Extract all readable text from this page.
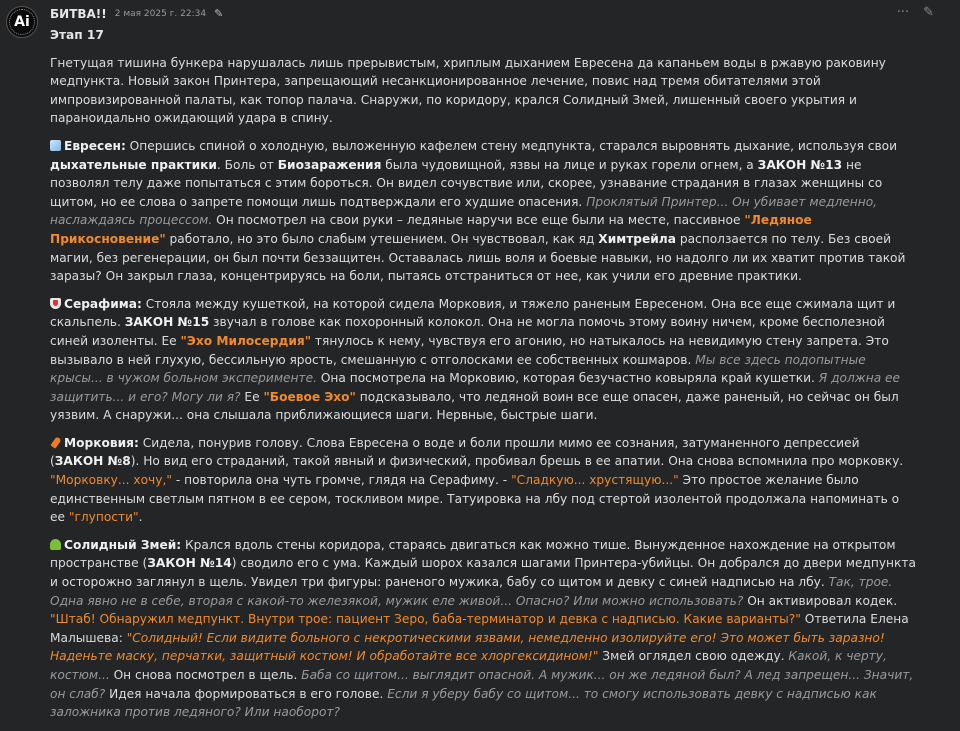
Ai
БИТВА!! 2 мая 2025 г. 22:34 ✎	··· ✎

Этап 17

Гнетущая тишина бункера нарушалась лишь прерывистым, хриплым дыханием Евресена да капаньем воды в ржавую раковину медпункта. Новый закон Принтера, запрещающий несанкционированное лечение, повис над тремя обитателями этой импровизированной палаты, как топор палача. Снаружи, по коридору, крался Солидный Змей, лишенный своего укрытия и параноидально ожидающий удара в спину.

Евресен: Опершись спиной о холодную, выложенную кафелем стену медпункта, старался выровнять дыхание, используя свои дыхательные практики. Боль от Биозаражения была чудовищной, язвы на лице и руках горели огнем, а ЗАКОН №13 не позволял телу даже попытаться с этим бороться. Он видел сочувствие или, скорее, узнавание страдания в глазах женщины со щитом, но ее слова о запрете помощи лишь подтверждали его худшие опасения. Проклятый Принтер... Он убивает медленно, наслаждаясь процессом. Он посмотрел на свои руки – ледяные наручи все еще были на месте, пассивное "Ледяное Прикосновение" работало, но это было слабым утешением. Он чувствовал, как яд Химтрейла расползается по телу. Без своей магии, без регенерации, он был почти беззащитен. Оставалась лишь воля и боевые навыки, но надолго ли их хватит против такой заразы? Он закрыл глаза, концентрируясь на боли, пытаясь отстраниться от нее, как учили его древние практики.

Серафима: Стояла между кушеткой, на которой сидела Морковия, и тяжело раненым Евресеном. Она все еще сжимала щит и скальпель. ЗАКОН №15 звучал в голове как похоронный колокол. Она не могла помочь этому воину ничем, кроме бесполезной синей изоленты. Ее "Эхо Милосердия" тянулось к нему, чувствуя его агонию, но натыкалось на невидимую стену запрета. Это вызывало в ней глухую, бессильную ярость, смешанную с отголосками ее собственных кошмаров. Мы все здесь подопытные крысы... в чужом больном эксперименте. Она посмотрела на Морковию, которая безучастно ковыряла край кушетки. Я должна ее защитить... и его? Могу ли я? Ее "Боевое Эхо" подсказывало, что ледяной воин все еще опасен, даже раненый, но сейчас он был уязвим. А снаружи... она слышала приближающиеся шаги. Нервные, быстрые шаги.

Морковия: Сидела, понурив голову. Слова Евресена о воде и боли прошли мимо ее сознания, затуманенного депрессией (ЗАКОН №8). Но вид его страданий, такой явный и физический, пробивал брешь в ее апатии. Она снова вспомнила про морковку. "Морковку... хочу," - повторила она чуть громче, глядя на Серафиму. - "Сладкую... хрустящую..." Это простое желание было единственным светлым пятном в ее сером, тоскливом мире. Татуировка на лбу под стертой изолентой продолжала напоминать о ее "глупости".

Солидный Змей: Крался вдоль стены коридора, стараясь двигаться как можно тише. Вынужденное нахождение на открытом пространстве (ЗАКОН №14) сводило его с ума. Каждый шорох казался шагами Принтера-убийцы. Он добрался до двери медпункта и осторожно заглянул в щель. Увидел три фигуры: раненого мужика, бабу со щитом и девку с синей надписью на лбу. Так, трое. Одна явно не в себе, вторая с какой-то железякой, мужик еле живой... Опасно? Или можно использовать? Он активировал кодек. "Штаб! Обнаружил медпункт. Внутри трое: пациент Зеро, баба-терминатор и девка с надписью. Какие варианты?" Ответила Елена Малышева: "Солидный! Если видите больного с некротическими язвами, немедленно изолируйте его! Это может быть заразно! Наденьте маску, перчатки, защитный костюм! И обработайте все хлоргексидином!" Змей оглядел свою одежду. Какой, к черту, костюм... Он снова посмотрел в щель. Баба со щитом... выглядит опасной. А мужик... он же ледяной был? А лед запрещен... Значит, он слаб? Идея начала формироваться в его голове. Если я уберу бабу со щитом... то смогу использовать девку с надписью как заложника против ледяного? Или наоборот?
